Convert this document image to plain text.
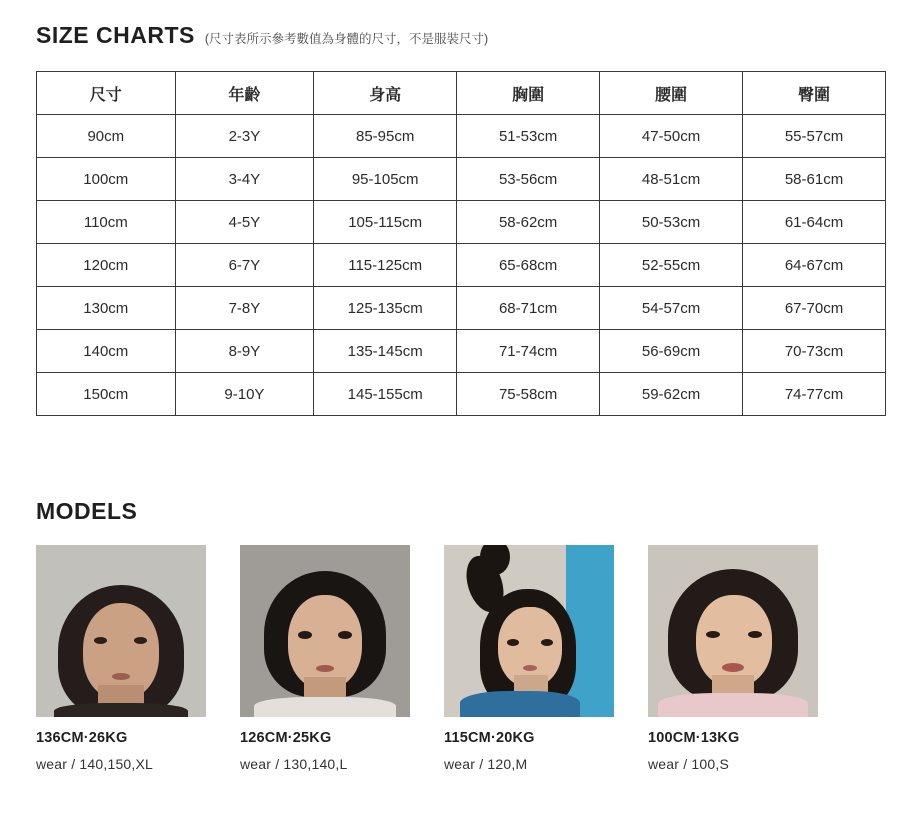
SIZE CHARTS (尺寸表所示參考數值為身體的尺寸，不是服裝尺寸)
尺寸	年齡	身高	胸圍	腰圍	臀圍
90cm	2-3Y	85-95cm	51-53cm	47-50cm	55-57cm
100cm	3-4Y	95-105cm	53-56cm	48-51cm	58-61cm
110cm	4-5Y	105-115cm	58-62cm	50-53cm	61-64cm
120cm	6-7Y	115-125cm	65-68cm	52-55cm	64-67cm
130cm	7-8Y	125-135cm	68-71cm	54-57cm	67-70cm
140cm	8-9Y	135-145cm	71-74cm	56-69cm	70-73cm
150cm	9-10Y	145-155cm	75-58cm	59-62cm	74-77cm
MODELS
136CM·26KG
wear / 140,150,XL
126CM·25KG
wear / 130,140,L
115CM·20KG
wear / 120,M
100CM·13KG
wear / 100,S
